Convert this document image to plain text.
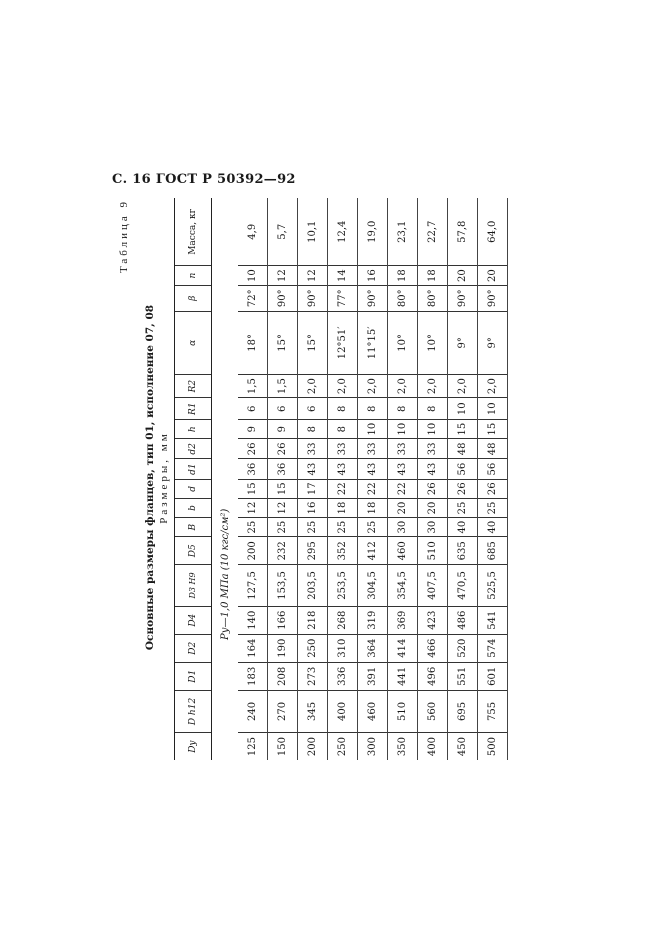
С. 16 ГОСТ Р 50392—92
Таблица 9
Основные размеры фланцев, тип 01, исполнение 07, 08 Размеры, мм
Dу	D h12	D1	D2	D4	D3 H9	D5	B	b	d	d1	d2	h	R1	R2	α	β	n	Масса, кг
Pу—1,0 МПа (10 кгс/см²)																		
125	240	183	164	140	127,5	200	25	12	15	36	26	9	6	1,5	18°	72°	10	4,9
150	270	208	190	166	153,5	232	25	12	15	36	26	9	6	1,5	15°	90°	12	5,7
200	345	273	250	218	203,5	295	25	16	17	43	33	8	6	2,0	15°	90°	12	10,1
250	400	336	310	268	253,5	352	25	18	22	43	33	8	8	2,0	12°51′	77°	14	12,4
300	460	391	364	319	304,5	412	25	18	22	43	33	10	8	2,0	11°15′	90°	16	19,0
350	510	441	414	369	354,5	460	30	20	22	43	33	10	8	2,0	10°	80°	18	23,1
400	560	496	466	423	407,5	510	30	20	26	43	33	10	8	2,0	10°	80°	18	22,7
450	695	551	520	486	470,5	635	40	25	26	56	48	15	10	2,0	9°	90°	20	57,8
500	755	601	574	541	525,5	685	40	25	26	56	48	15	10	2,0	9°	90°	20	64,0
